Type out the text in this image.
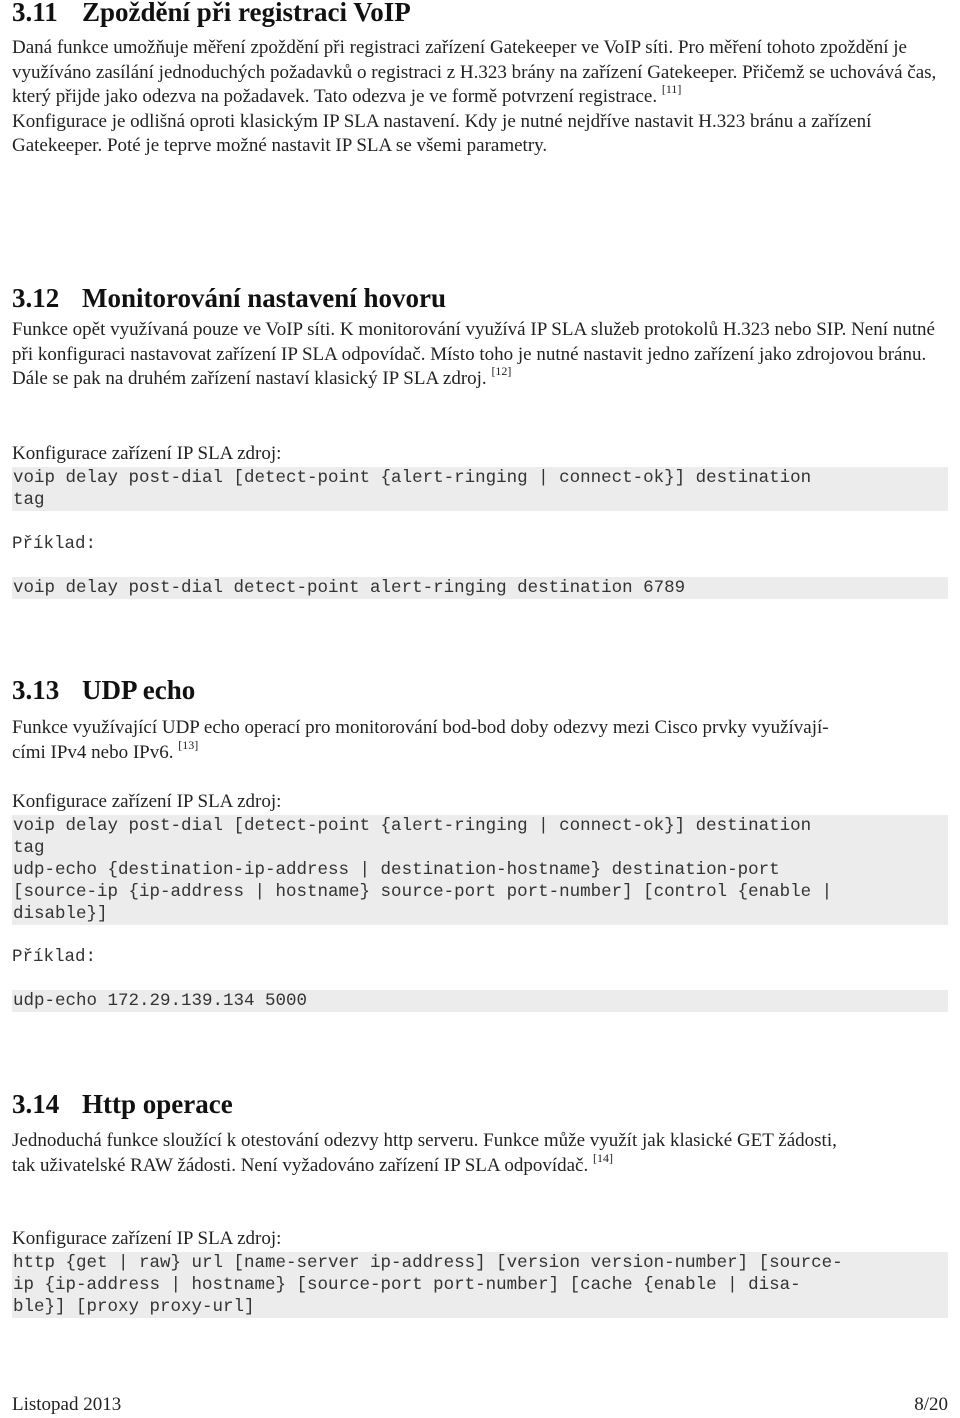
3.11 Zpoždění při registraci VoIP

Daná funkce umožňuje měření zpoždění při registraci zařízení Gatekeeper ve VoIP síti. Pro měření tohoto zpoždění je využíváno zasílání jednoduchých požadavků o registraci z H.323 brány na zařízení Gatekeeper. Přičemž se uchovává čas, který přijde jako odezva na požadavek. Tato odezva je ve formě potvrzení registrace. [11]

Konfigurace je odlišná oproti klasickým IP SLA nastavení. Kdy je nutné nejdříve nastavit H.323 bránu a zařízení Gatekeeper. Poté je teprve možné nastavit IP SLA se všemi parametry.

3.12 Monitorování nastavení hovoru

Funkce opět využívaná pouze ve VoIP síti. K monitorování využívá IP SLA služeb protokolů H.323 nebo SIP. Není nutné při konfiguraci nastavovat zařízení IP SLA odpovídač. Místo toho je nutné nastavit jedno zařízení jako zdrojovou bránu. Dále se pak na druhém zařízení nastaví klasický IP SLA zdroj. [12]

Konfigurace zařízení IP SLA zdroj:

voip delay post-dial [detect-point {alert-ringing | connect-ok}] destination
tag
Příklad:
voip delay post-dial detect-point alert-ringing destination 6789
3.13 UDP echo

Funkce využívající UDP echo operací pro monitorování bod-bod doby odezvy mezi Cisco prvky využívají-

cími IPv4 nebo IPv6. [13]

Konfigurace zařízení IP SLA zdroj:

voip delay post-dial [detect-point {alert-ringing | connect-ok}] destination
tag
udp-echo {destination-ip-address | destination-hostname} destination-port
[source-ip {ip-address | hostname} source-port port-number] [control {enable |
disable}]
Příklad:
udp-echo 172.29.139.134 5000
3.14 Http operace

Jednoduchá funkce sloužící k otestování odezvy http serveru. Funkce může využít jak klasické GET žádosti,

tak uživatelské RAW žádosti. Není vyžadováno zařízení IP SLA odpovídač. [14]

Konfigurace zařízení IP SLA zdroj:

http {get | raw} url [name-server ip-address] [version version-number] [source-
ip {ip-address | hostname} [source-port port-number] [cache {enable | disa-
ble}] [proxy proxy-url]
Listopad 2013	8/20
